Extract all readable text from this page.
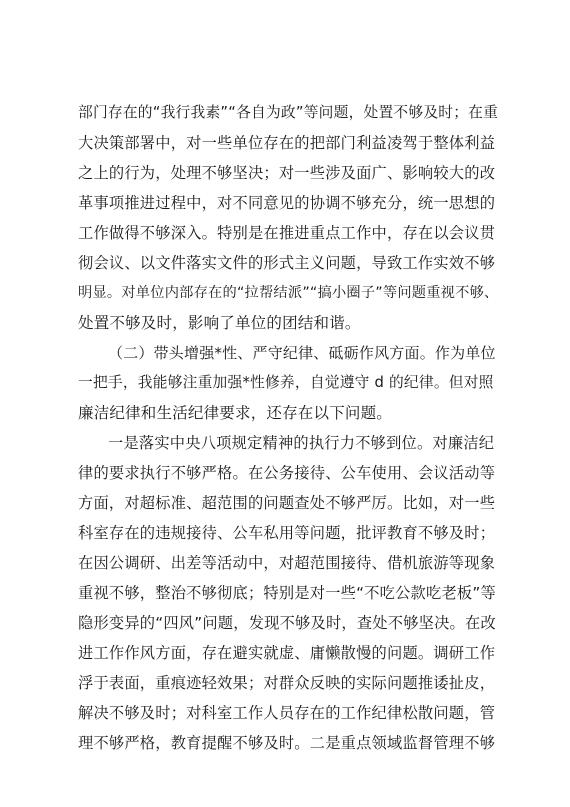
部门存在的“我行我素”“各自为政”等问题，处置不够及时；在重
大决策部署中，对一些单位存在的把部门利益凌驾于整体利益
之上的行为，处理不够坚决；对一些涉及面广、影响较大的改
革事项推进过程中，对不同意见的协调不够充分，统一思想的
工作做得不够深入。特别是在推进重点工作中，存在以会议贯
彻会议、以文件落实文件的形式主义问题，导致工作实效不够
明显。对单位内部存在的“拉帮结派”“搞小圈子”等问题重视不够、
处置不够及时，影响了单位的团结和谐。
（二）带头增强*性、严守纪律、砥砺作风方面。作为单位
一把手，我能够注重加强*性修养，自觉遵守 d 的纪律。但对照
廉洁纪律和生活纪律要求，还存在以下问题。
一是落实中央八项规定精神的执行力不够到位。对廉洁纪
律的要求执行不够严格。在公务接待、公车使用、会议活动等
方面，对超标准、超范围的问题查处不够严厉。比如，对一些
科室存在的违规接待、公车私用等问题，批评教育不够及时；
在因公调研、出差等活动中，对超范围接待、借机旅游等现象
重视不够，整治不够彻底；特别是对一些“不吃公款吃老板”等
隐形变异的“四风”问题，发现不够及时，查处不够坚决。在改
进工作作风方面，存在避实就虚、庸懒散慢的问题。调研工作
浮于表面，重痕迹轻效果；对群众反映的实际问题推诿扯皮，
解决不够及时；对科室工作人员存在的工作纪律松散问题，管
理不够严格，教育提醒不够及时。二是重点领域监督管理不够
